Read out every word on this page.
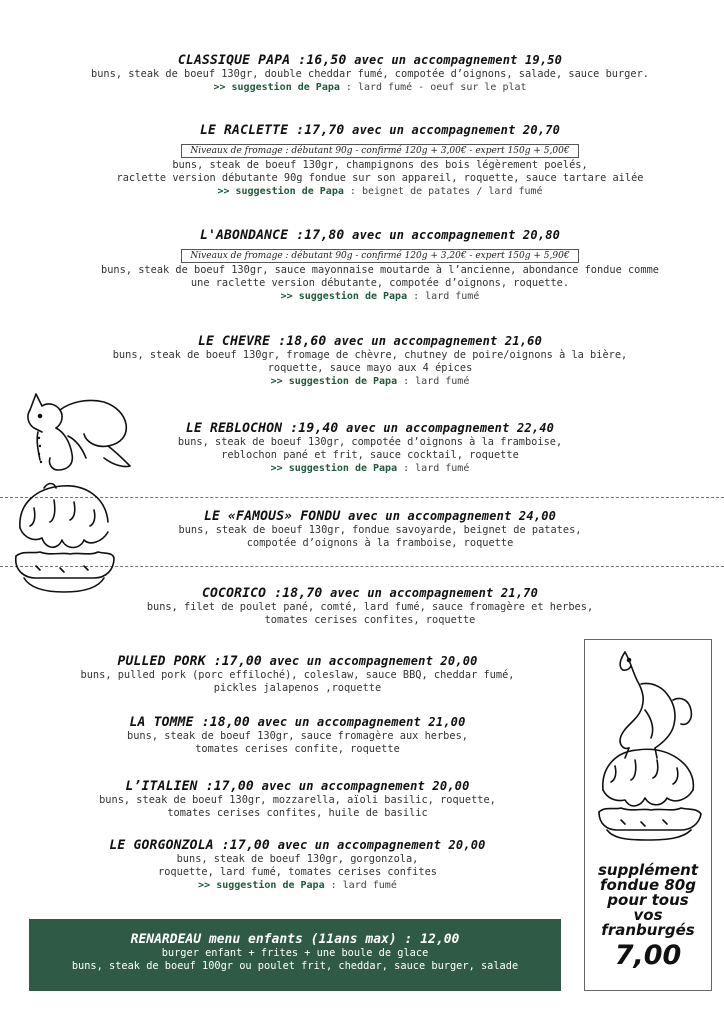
CLASSIQUE PAPA :16,50 avec un accompagnement 19,50
buns, steak de boeuf 130gr, double cheddar fumé, compotée d’oignons, salade, sauce burger.
>> suggestion de Papa : lard fumé - oeuf sur le plat
LE RACLETTE :17,70 avec un accompagnement 20,70
Niveaux de fromage : débutant 90g - confirmé 120g + 3,00€ - expert 150g + 5,00€
buns, steak de boeuf 130gr, champignons des bois légèrement poelés,
raclette version débutante 90g fondue sur son appareil, roquette, sauce tartare ailée
>> suggestion de Papa : beignet de patates / lard fumé
L'ABONDANCE :17,80 avec un accompagnement 20,80
Niveaux de fromage : débutant 90g - confirmé 120g + 3,20€ - expert 150g + 5,90€
buns, steak de boeuf 130gr, sauce mayonnaise moutarde à l’ancienne, abondance fondue comme
une raclette version débutante, compotée d’oignons, roquette.
>> suggestion de Papa : lard fumé
LE CHEVRE :18,60 avec un accompagnement 21,60
buns, steak de boeuf 130gr, fromage de chèvre, chutney de poire/oignons à la bière,
roquette, sauce mayo aux 4 épices
>> suggestion de Papa : lard fumé
LE REBLOCHON :19,40 avec un accompagnement 22,40
buns, steak de boeuf 130gr, compotée d’oignons à la framboise,
reblochon pané et frit, sauce cocktail, roquette
>> suggestion de Papa : lard fumé
LE «FAMOUS» FONDU avec un accompagnement 24,00
buns, steak de boeuf 130gr, fondue savoyarde, beignet de patates,
compotée d’oignons à la framboise, roquette
COCORICO :18,70 avec un accompagnement 21,70
buns, filet de poulet pané, comté, lard fumé, sauce fromagère et herbes,
tomates cerises confites, roquette
PULLED PORK :17,00 avec un accompagnement 20,00
buns, pulled pork (porc effiloché), coleslaw, sauce BBQ, cheddar fumé,
pickles jalapenos ,roquette
LA TOMME :18,00 avec un accompagnement 21,00
buns, steak de boeuf 130gr, sauce fromagère aux herbes,
tomates cerises confite, roquette
L’ITALIEN :17,00 avec un accompagnement 20,00
buns, steak de boeuf 130gr, mozzarella, aïoli basilic, roquette,
tomates cerises confites, huile de basilic
LE GORGONZOLA :17,00 avec un accompagnement 20,00
buns, steak de boeuf 130gr, gorgonzola,
roquette, lard fumé, tomates cerises confites
>> suggestion de Papa : lard fumé
RENARDEAU menu enfants (11ans max) : 12,00
burger enfant + frites + une boule de glace
buns, steak de boeuf 100gr ou poulet frit, cheddar, sauce burger, salade
supplément
fondue 80g
pour tous
vos
franburgés
7,00
